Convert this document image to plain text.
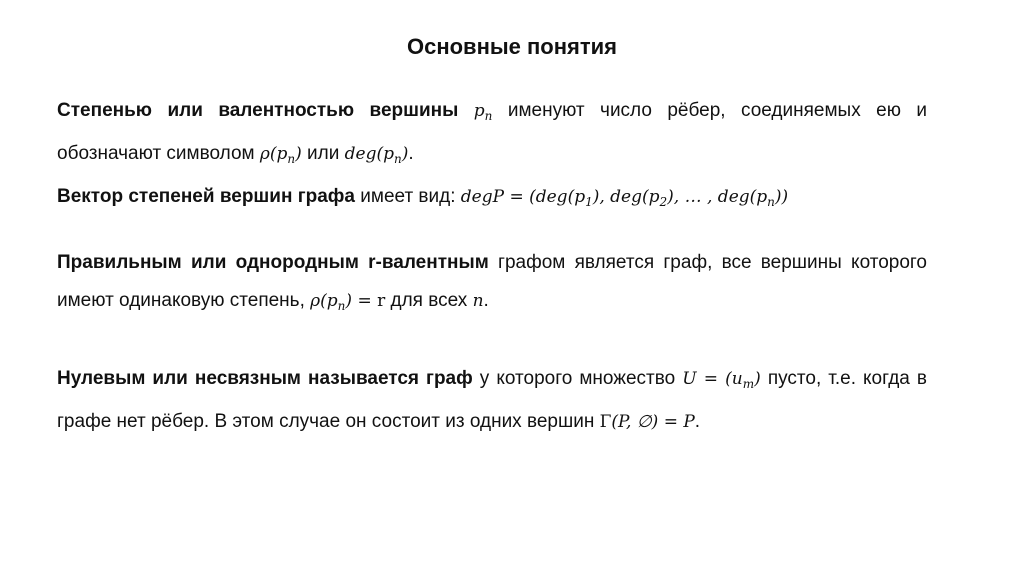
Основные понятия
Степенью или валентностью вершины $p_n$ именуют число рёбер, соединяемых ею и обозначают символом $\rho(p_n)$ или $deg(p_n)$.
Вектор степеней вершин графа имеет вид: degP = ($deg(p_1)$, $deg(p_2)$, … , $deg(p_n)$)
Правильным или однородным r-валентным графом является граф, все вершины которого имеют одинаковую степень, $\rho(p_n) = r$ для всех n.
Нулевым или несвязным называется граф у которого множество $U = (u_m)$ пусто, т.е. когда в графе нет рёбер. В этом случае он состоит из одних вершин Γ(P, ∅) = P.
